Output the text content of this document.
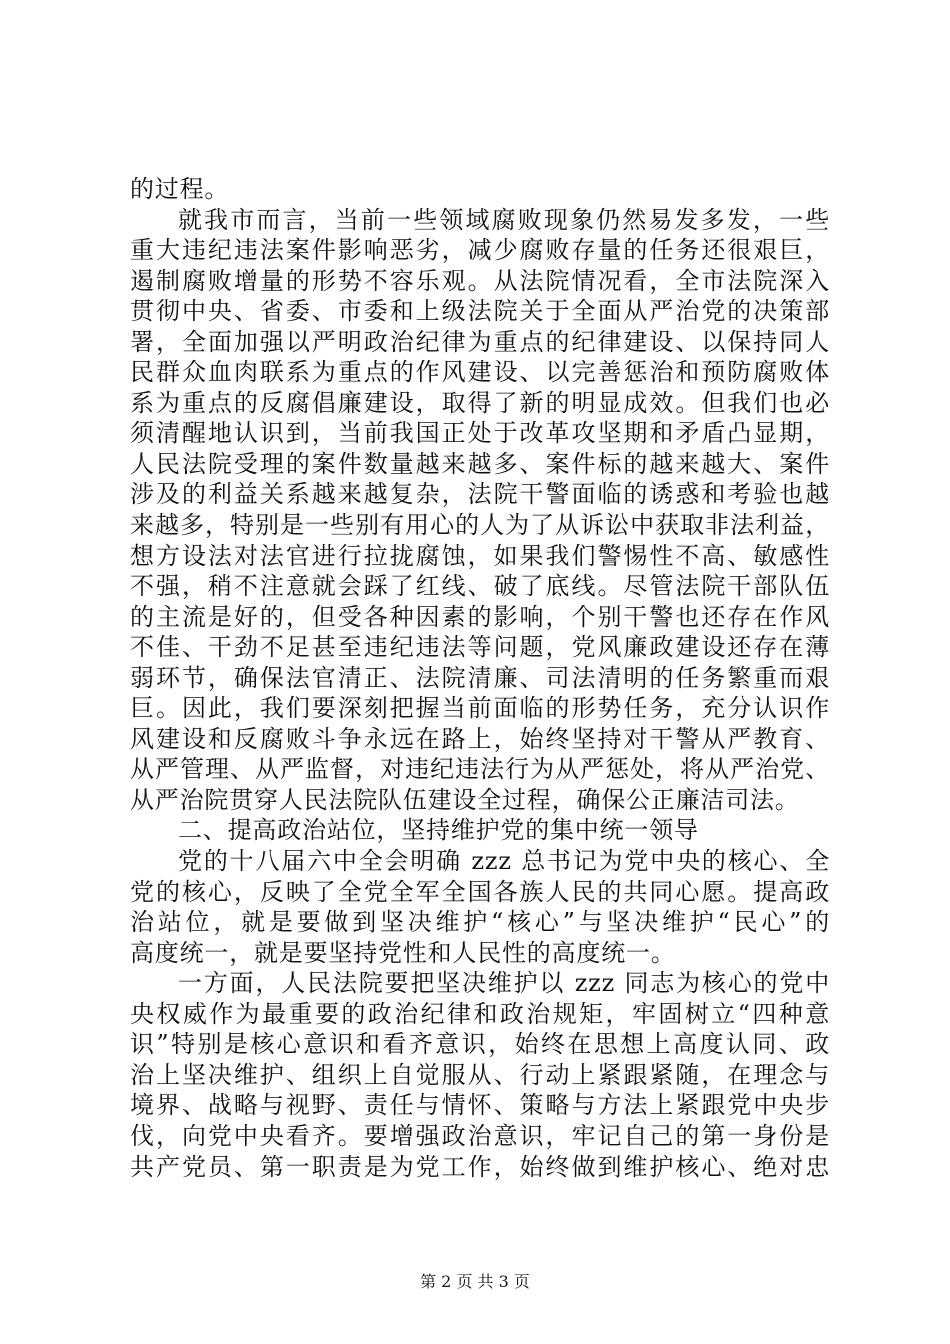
的过程。
就我市而言，当前一些领域腐败现象仍然易发多发，一些
重大违纪违法案件影响恶劣，减少腐败存量的任务还很艰巨，
遏制腐败增量的形势不容乐观。从法院情况看，全市法院深入
贯彻中央、省委、市委和上级法院关于全面从严治党的决策部
署，全面加强以严明政治纪律为重点的纪律建设、以保持同人
民群众血肉联系为重点的作风建设、以完善惩治和预防腐败体
系为重点的反腐倡廉建设，取得了新的明显成效。但我们也必
须清醒地认识到，当前我国正处于改革攻坚期和矛盾凸显期，
人民法院受理的案件数量越来越多、案件标的越来越大、案件
涉及的利益关系越来越复杂，法院干警面临的诱惑和考验也越
来越多，特别是一些别有用心的人为了从诉讼中获取非法利益，
想方设法对法官进行拉拢腐蚀，如果我们警惕性不高、敏感性
不强，稍不注意就会踩了红线、破了底线。尽管法院干部队伍
的主流是好的，但受各种因素的影响，个别干警也还存在作风
不佳、干劲不足甚至违纪违法等问题，党风廉政建设还存在薄
弱环节，确保法官清正、法院清廉、司法清明的任务繁重而艰
巨。因此，我们要深刻把握当前面临的形势任务，充分认识作
风建设和反腐败斗争永远在路上，始终坚持对干警从严教育、
从严管理、从严监督，对违纪违法行为从严惩处，将从严治党、
从严治院贯穿人民法院队伍建设全过程，确保公正廉洁司法。
二、提高政治站位，坚持维护党的集中统一领导
党的十八届六中全会明确 zzz 总书记为党中央的核心、全
党的核心，反映了全党全军全国各族人民的共同心愿。提高政
治站位，就是要做到坚决维护“核心”与坚决维护“民心”的
高度统一，就是要坚持党性和人民性的高度统一。
一方面，人民法院要把坚决维护以 zzz 同志为核心的党中
央权威作为最重要的政治纪律和政治规矩，牢固树立“四种意
识”特别是核心意识和看齐意识，始终在思想上高度认同、政
治上坚决维护、组织上自觉服从、行动上紧跟紧随，在理念与
境界、战略与视野、责任与情怀、策略与方法上紧跟党中央步
伐，向党中央看齐。要增强政治意识，牢记自己的第一身份是
共产党员、第一职责是为党工作，始终做到维护核心、绝对忠
第 2 页 共 3 页
